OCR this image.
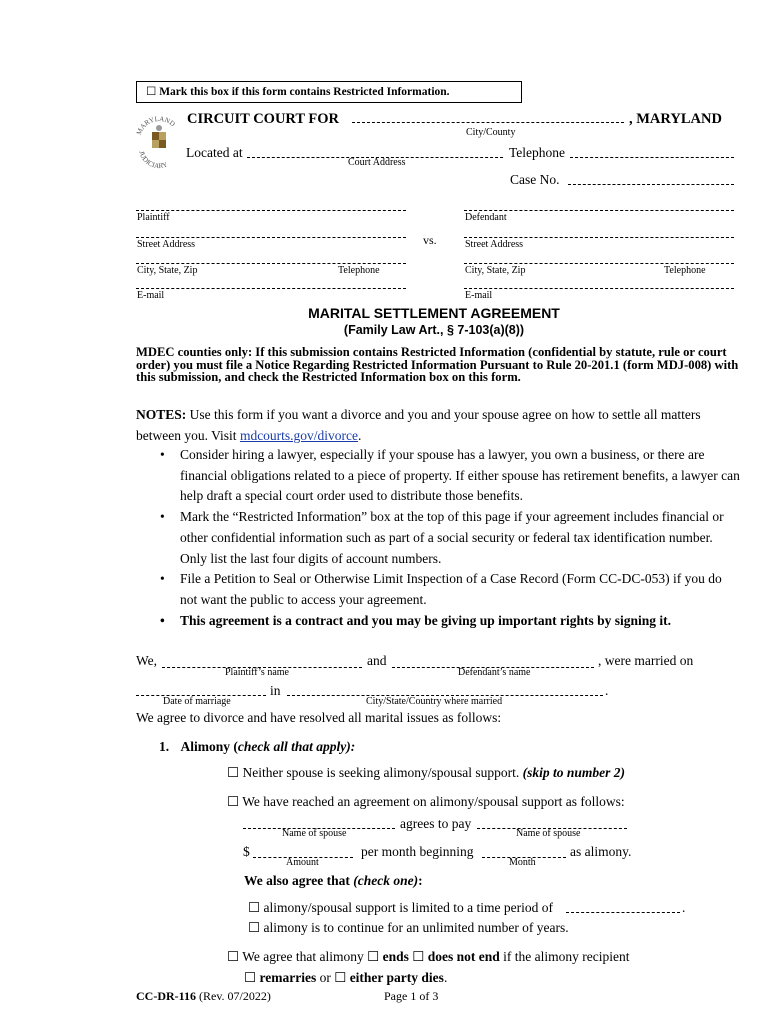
☐ Mark this box if this form contains Restricted Information.
MARYLAND
JUDICIARY
CIRCUIT COURT FOR	, MARYLAND
City/County
Located at
Court Address
Telephone
Case No.
Plaintiff
Street Address
City, State, Zip	Telephone
E-mail
vs.
Defendant
Street Address
City, State, Zip	Telephone
E-mail
MARITAL SETTLEMENT AGREEMENT
(Family Law Art., § 7-103(a)(8))
MDEC counties only: If this submission contains Restricted Information (confidential by statute, rule or court order) you must file a Notice Regarding Restricted Information Pursuant to Rule 20-201.1 (form MDJ-008) with this submission, and check the Restricted Information box on this form.
NOTES: Use this form if you want a divorce and you and your spouse agree on how to settle all matters between you. Visit mdcourts.gov/divorce.
• Consider hiring a lawyer, especially if your spouse has a lawyer, you own a business, or there are financial obligations related to a piece of property. If either spouse has retirement benefits, a lawyer can help draft a special court order used to distribute those benefits.
• Mark the “Restricted Information” box at the top of this page if your agreement includes financial or other confidential information such as part of a social security or federal tax identification number. Only list the last four digits of account numbers.
• File a Petition to Seal or Otherwise Limit Inspection of a Case Record (Form CC-DC-053) if you do not want the public to access your agreement.
• This agreement is a contract and you may be giving up important rights by signing it.
We,
Plaintiff’s name
and
Defendant’s name
, were married on
Date of marriage
in
City/State/Country where married
.
We agree to divorce and have resolved all marital issues as follows:
1. Alimony (check all that apply):
☐ Neither spouse is seeking alimony/spousal support. (skip to number 2)
☐ We have reached an agreement on alimony/spousal support as follows:
Name of spouse
agrees to pay
Name of spouse
$
Amount
per month beginning
Month
as alimony.
We also agree that (check one):
☐ alimony/spousal support is limited to a time period of	.
☐ alimony is to continue for an unlimited number of years.
☐ We agree that alimony ☐ ends ☐ does not end if the alimony recipient
☐ remarries or ☐ either party dies.
CC-DR-116 (Rev. 07/2022)	Page 1 of 3
